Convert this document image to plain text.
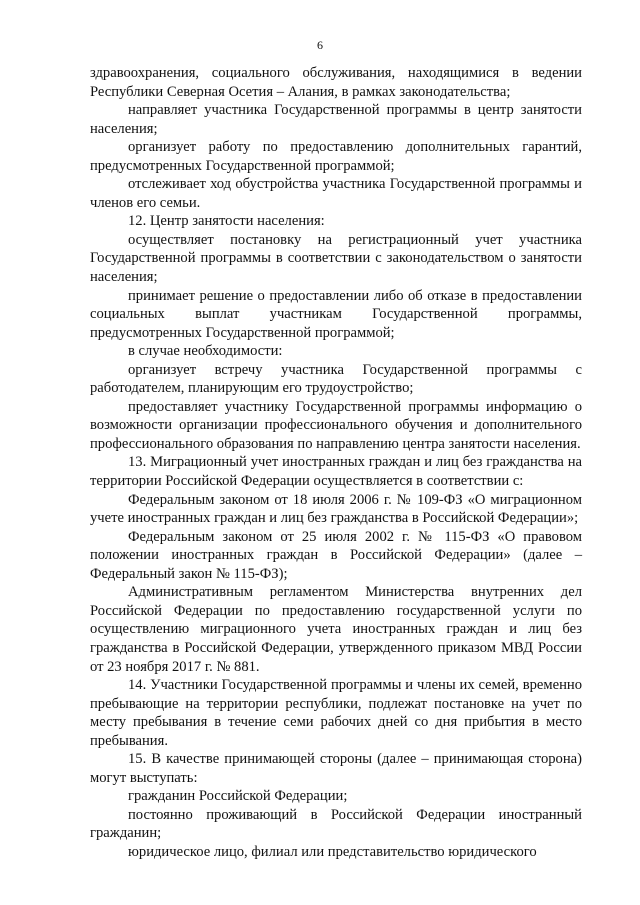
6

здравоохранения, социального обслуживания, находящимися в ведении Республики Северная Осетия – Алания, в рамках законодательства;

направляет участника Государственной программы в центр занятости населения;

организует работу по предоставлению дополнительных гарантий, предусмотренных Государственной программой;

отслеживает ход обустройства участника Государственной программы и членов его семьи.

12. Центр занятости населения:

осуществляет постановку на регистрационный учет участника Государственной программы в соответствии с законодательством о занятости населения;

принимает решение о предоставлении либо об отказе в предоставлении социальных выплат участникам Государственной программы, предусмотренных Государственной программой;

в случае необходимости:

организует встречу участника Государственной программы с работодателем, планирующим его трудоустройство;

предоставляет участнику Государственной программы информацию о возможности организации профессионального обучения и дополнительного профессионального образования по направлению центра занятости населения.

13. Миграционный учет иностранных граждан и лиц без гражданства на территории Российской Федерации осуществляется в соответствии с:

Федеральным законом от 18 июля 2006 г. № 109-ФЗ «О миграционном учете иностранных граждан и лиц без гражданства в Российской Федерации»;

Федеральным законом от 25 июля 2002 г. № 115-ФЗ «О правовом положении иностранных граждан в Российской Федерации» (далее – Федеральный закон № 115-ФЗ);

Административным регламентом Министерства внутренних дел Российской Федерации по предоставлению государственной услуги по осуществлению миграционного учета иностранных граждан и лиц без гражданства в Российской Федерации, утвержденного приказом МВД России от 23 ноября 2017 г. № 881.

14. Участники Государственной программы и члены их семей, временно пребывающие на территории республики, подлежат постановке на учет по месту пребывания в течение семи рабочих дней со дня прибытия в место пребывания.

15. В качестве принимающей стороны (далее – принимающая сторона) могут выступать:

гражданин Российской Федерации;

постоянно проживающий в Российской Федерации иностранный гражданин;

юридическое лицо, филиал или представительство юридического
